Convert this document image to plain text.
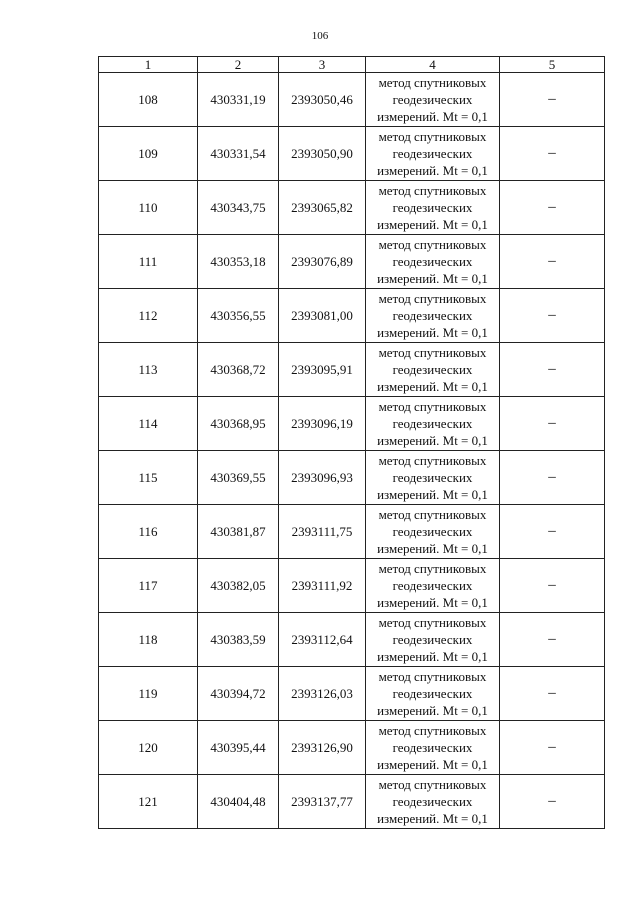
106
1	2	3	4	5
108	430331,19	2393050,46	метод спутниковых
геодезических
измерений. Mt = 0,1	–
109	430331,54	2393050,90	метод спутниковых
геодезических
измерений. Mt = 0,1	–
110	430343,75	2393065,82	метод спутниковых
геодезических
измерений. Mt = 0,1	–
111	430353,18	2393076,89	метод спутниковых
геодезических
измерений. Mt = 0,1	–
112	430356,55	2393081,00	метод спутниковых
геодезических
измерений. Mt = 0,1	–
113	430368,72	2393095,91	метод спутниковых
геодезических
измерений. Mt = 0,1	–
114	430368,95	2393096,19	метод спутниковых
геодезических
измерений. Mt = 0,1	–
115	430369,55	2393096,93	метод спутниковых
геодезических
измерений. Mt = 0,1	–
116	430381,87	2393111,75	метод спутниковых
геодезических
измерений. Mt = 0,1	–
117	430382,05	2393111,92	метод спутниковых
геодезических
измерений. Mt = 0,1	–
118	430383,59	2393112,64	метод спутниковых
геодезических
измерений. Mt = 0,1	–
119	430394,72	2393126,03	метод спутниковых
геодезических
измерений. Mt = 0,1	–
120	430395,44	2393126,90	метод спутниковых
геодезических
измерений. Mt = 0,1	–
121	430404,48	2393137,77	метод спутниковых
геодезических
измерений. Mt = 0,1	–
